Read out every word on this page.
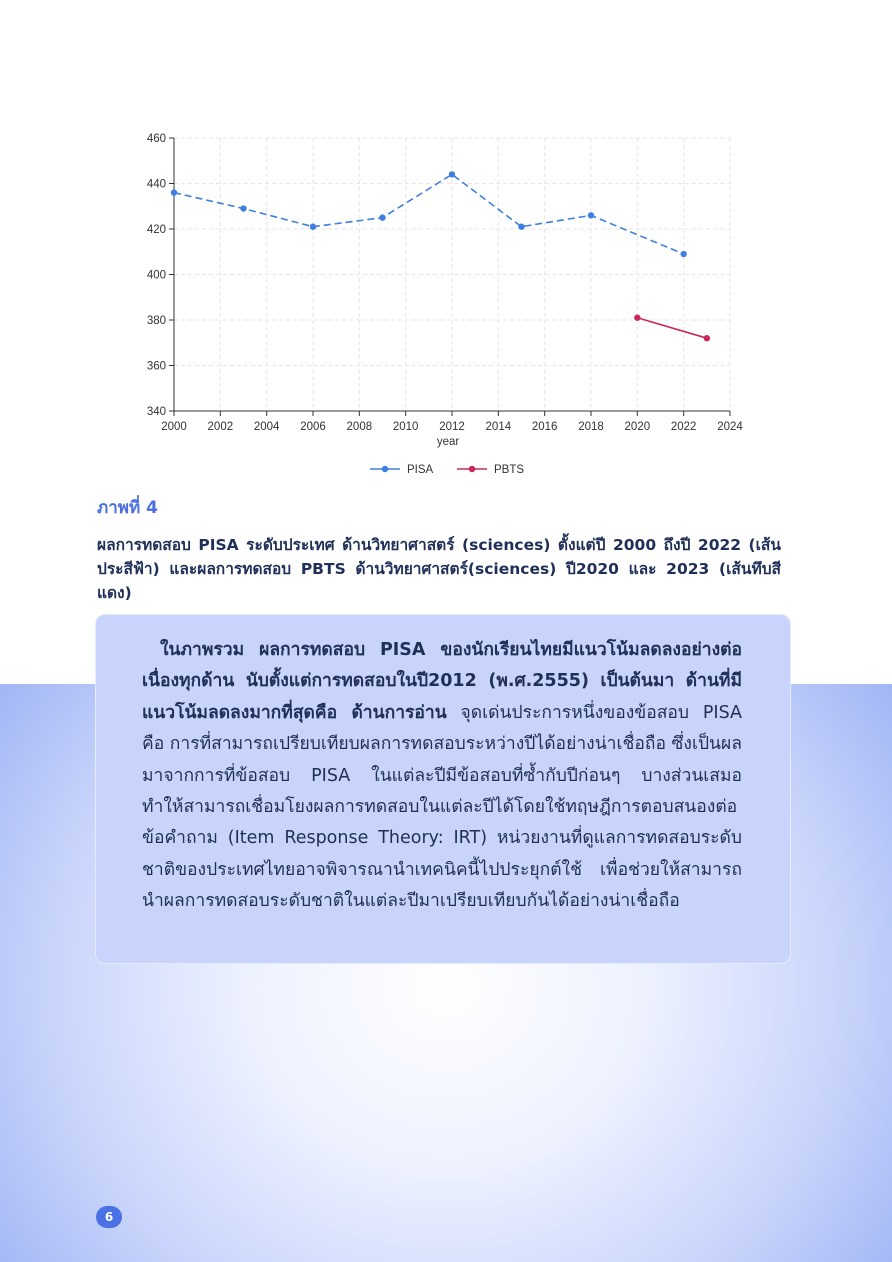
340
360
380
400
420
440
460
2000 2002 2004 2006 2008 2010 2012 2014 2016 2018 2020 2022 2024
year
PISA	PBTS
ภาพที่ 4
ผลการทดสอบ PISA ระดับประเทศ ด้านวิทยาศาสตร์ (sciences) ตั้งแต่ปี 2000 ถึงปี 2022 (เส้นประสีฟ้า) และผลการทดสอบ PBTS ด้านวิทยาศาสตร์(sciences) ปี2020 และ 2023 (เส้นทึบสีแดง)
ในภาพรวม ผลการทดสอบ PISA ของนักเรียนไทยมีแนวโน้มลดลงอย่างต่อเนื่องทุกด้าน นับตั้งแต่การทดสอบในปี2012 (พ.ศ.2555) เป็นต้นมา ด้านที่มีแนวโน้มลดลงมากที่สุดคือ ด้านการอ่าน จุดเด่นประการหนึ่งของข้อสอบ PISA คือ การที่สามารถเปรียบเทียบผลการทดสอบระหว่างปีได้อย่างน่าเชื่อถือ ซึ่งเป็นผลมาจากการที่ข้อสอบ PISA ในแต่ละปีมีข้อสอบที่ซ้ำกับปีก่อนๆ บางส่วนเสมอ ทำให้สามารถเชื่อมโยงผลการทดสอบในแต่ละปีได้โดยใช้ทฤษฎีการตอบสนองต่อข้อคำถาม (Item Response Theory: IRT) หน่วยงานที่ดูแลการทดสอบระดับชาติของประเทศไทยอาจพิจารณานำเทคนิคนี้ไปประยุกต์ใช้ เพื่อช่วยให้สามารถนำผลการทดสอบระดับชาติในแต่ละปีมาเปรียบเทียบกันได้อย่างน่าเชื่อถือ
6
